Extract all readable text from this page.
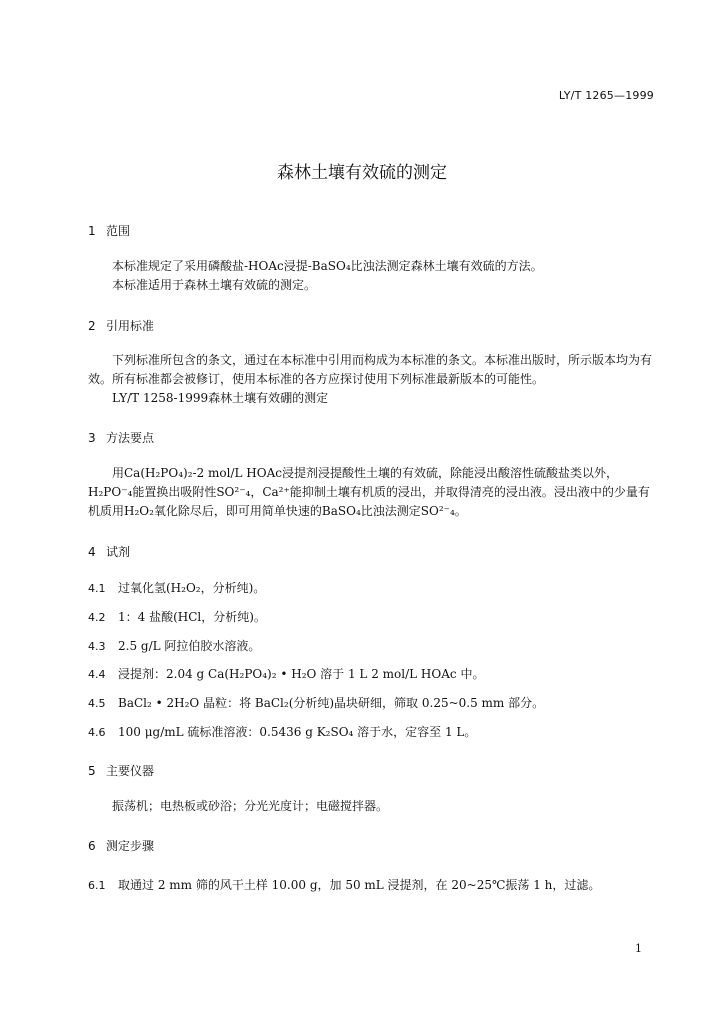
LY/T 1265—1999
森林土壤有效硫的测定
1 范围
本标准规定了采用磷酸盐-HOAc浸提-BaSO₄比浊法测定森林土壤有效硫的方法。
本标准适用于森林土壤有效硫的测定。
2 引用标准
下列标准所包含的条文，通过在本标准中引用而构成为本标准的条文。本标准出版时，所示版本均为有效。所有标准都会被修订，使用本标准的各方应探讨使用下列标准最新版本的可能性。
LY/T 1258-1999森林土壤有效硼的测定
3 方法要点
用Ca(H₂PO₄)₂-2 mol/L HOAc浸提剂浸提酸性土壤的有效硫，除能浸出酸溶性硫酸盐类以外，H₂PO⁻₄能置换出吸附性SO²⁻₄，Ca²⁺能抑制土壤有机质的浸出，并取得清亮的浸出液。浸出液中的少量有机质用H₂O₂氧化除尽后，即可用简单快速的BaSO₄比浊法测定SO²⁻₄。
4 试剂
4.1 过氧化氢(H₂O₂，分析纯)。
4.2 1：4 盐酸(HCl，分析纯)。
4.3 2.5 g/L 阿拉伯胶水溶液。
4.4 浸提剂：2.04 g Ca(H₂PO₄)₂ • H₂O 溶于 1 L 2 mol/L HOAc 中。
4.5 BaCl₂ • 2H₂O 晶粒：将 BaCl₂(分析纯)晶块研细，筛取 0.25~0.5 mm 部分。
4.6 100 μg/mL 硫标准溶液：0.5436 g K₂SO₄ 溶于水，定容至 1 L。
5 主要仪器
振荡机；电热板或砂浴；分光光度计；电磁搅拌器。
6 测定步骤
6.1 取通过 2 mm 筛的风干土样 10.00 g，加 50 mL 浸提剂，在 20~25℃振荡 1 h，过滤。
1
